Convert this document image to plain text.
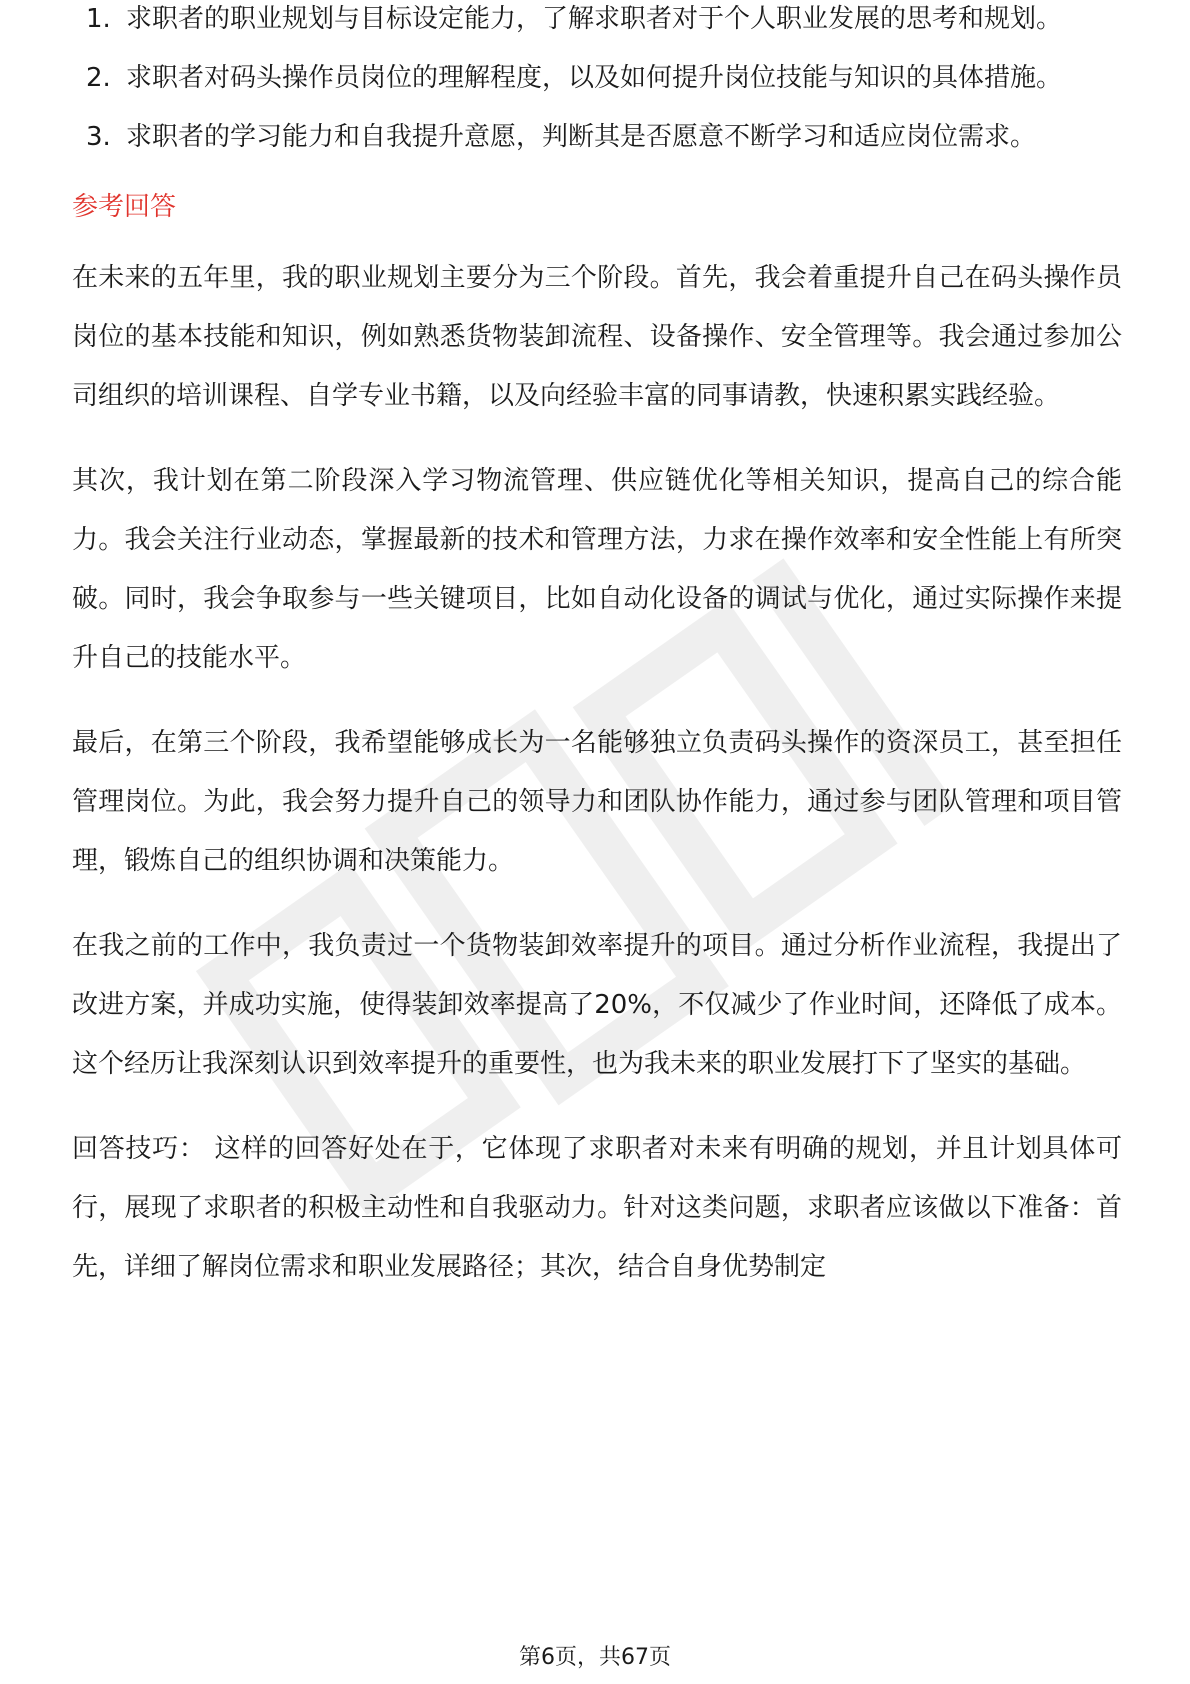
1. 求职者的职业规划与目标设定能力，了解求职者对于个人职业发展的思考和规划。
2. 求职者对码头操作员岗位的理解程度，以及如何提升岗位技能与知识的具体措施。
3. 求职者的学习能力和自我提升意愿，判断其是否愿意不断学习和适应岗位需求。
参考回答

在未来的五年里，我的职业规划主要分为三个阶段。首先，我会着重提升自己在码头操作员岗位的基本技能和知识，例如熟悉货物装卸流程、设备操作、安全管理等。我会通过参加公司组织的培训课程、自学专业书籍，以及向经验丰富的同事请教，快速积累实践经验。

其次，我计划在第二阶段深入学习物流管理、供应链优化等相关知识，提高自己的综合能力。我会关注行业动态，掌握最新的技术和管理方法，力求在操作效率和安全性能上有所突破。同时，我会争取参与一些关键项目，比如自动化设备的调试与优化，通过实际操作来提升自己的技能水平。

最后，在第三个阶段，我希望能够成长为一名能够独立负责码头操作的资深员工，甚至担任管理岗位。为此，我会努力提升自己的领导力和团队协作能力，通过参与团队管理和项目管理，锻炼自己的组织协调和决策能力。

在我之前的工作中，我负责过一个货物装卸效率提升的项目。通过分析作业流程，我提出了改进方案，并成功实施，使得装卸效率提高了20%，不仅减少了作业时间，还降低了成本。这个经历让我深刻认识到效率提升的重要性，也为我未来的职业发展打下了坚实的基础。

回答技巧： 这样的回答好处在于，它体现了求职者对未来有明确的规划，并且计划具体可行，展现了求职者的积极主动性和自我驱动力。针对这类问题，求职者应该做以下准备：首先，详细了解岗位需求和职业发展路径；其次，结合自身优势制定

第6页，共67页
